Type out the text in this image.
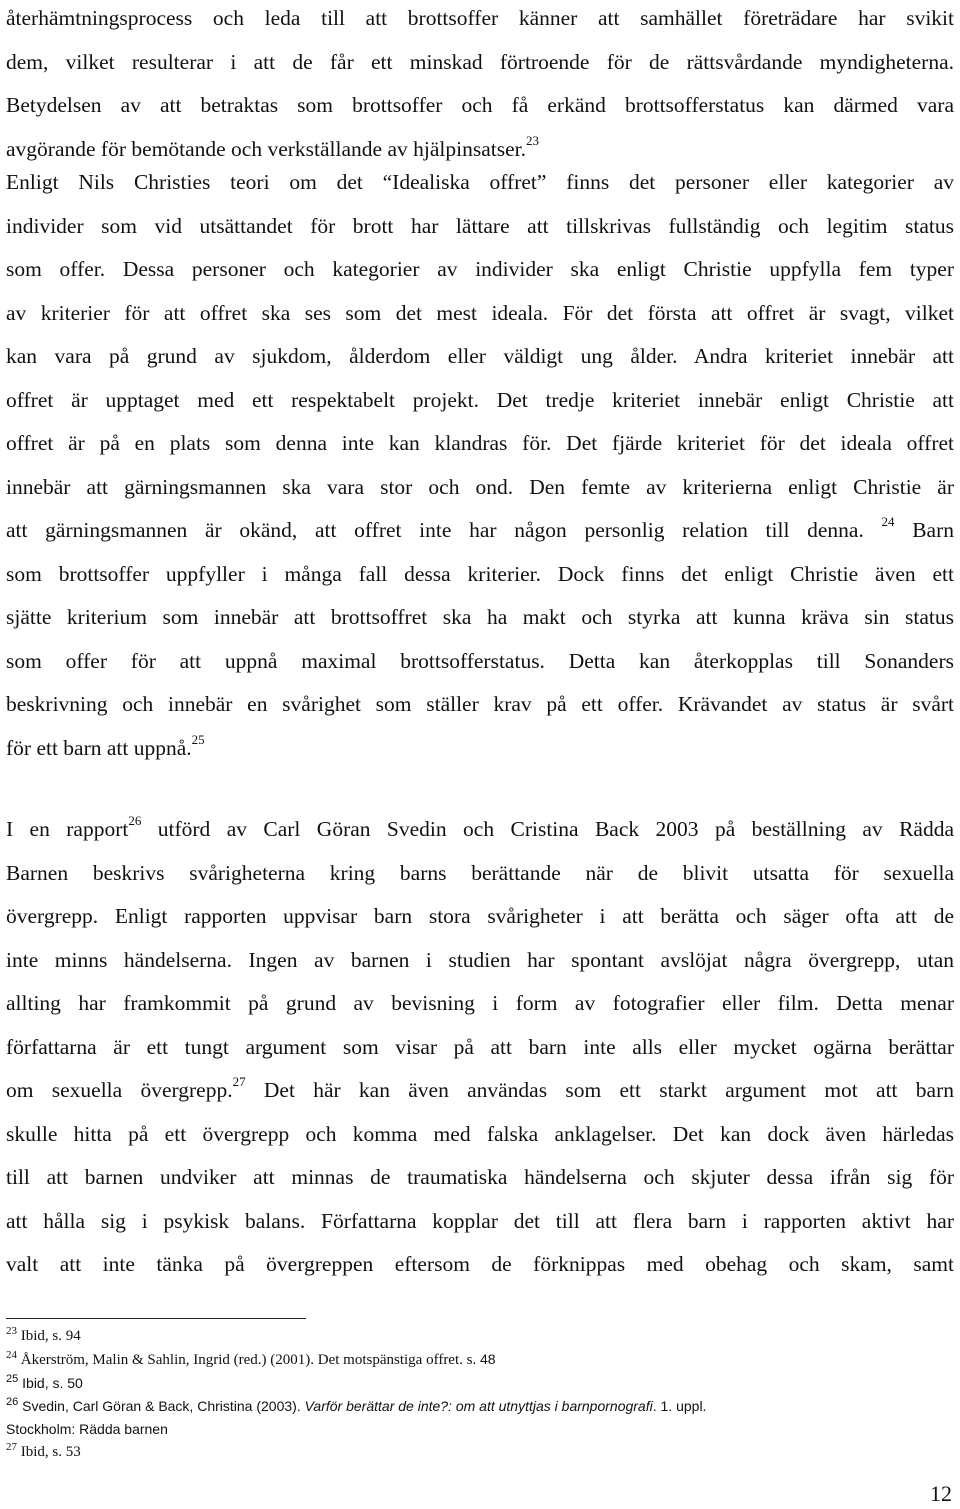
återhämtningsprocess och leda till att brottsoffer känner att samhället företrädare har svikit
dem, vilket resulterar i att de får ett minskad förtroende för de rättsvårdande myndigheterna.
Betydelsen av att betraktas som brottsoffer och få erkänd brottsofferstatus kan därmed vara
avgörande för bemötande och verkställande av hjälpinsatser.$^{23}$

Enligt Nils Christies teori om det “Idealiska offret” finns det personer eller kategorier av
individer som vid utsättandet för brott har lättare att tillskrivas fullständig och legitim status
som offer. Dessa personer och kategorier av individer ska enligt Christie uppfylla fem typer
av kriterier för att offret ska ses som det mest ideala. För det första att offret är svagt, vilket
kan vara på grund av sjukdom, ålderdom eller väldigt ung ålder. Andra kriteriet innebär att
offret är upptaget med ett respektabelt projekt. Det tredje kriteriet innebär enligt Christie att
offret är på en plats som denna inte kan klandras för. Det fjärde kriteriet för det ideala offret
innebär att gärningsmannen ska vara stor och ond. Den femte av kriterierna enligt Christie är
att gärningsmannen är okänd, att offret inte har någon personlig relation till denna. $^{24}$ Barn
som brottsoffer uppfyller i många fall dessa kriterier. Dock finns det enligt Christie även ett
sjätte kriterium som innebär att brottsoffret ska ha makt och styrka att kunna kräva sin status
som offer för att uppnå maximal brottsofferstatus. Detta kan återkopplas till Sonanders
beskrivning och innebär en svårighet som ställer krav på ett offer. Krävandet av status är svårt
för ett barn att uppnå.$^{25}$

I en rapport$^{26}$ utförd av Carl Göran Svedin och Cristina Back 2003 på beställning av Rädda
Barnen beskrivs svårigheterna kring barns berättande när de blivit utsatta för sexuella
övergrepp. Enligt rapporten uppvisar barn stora svårigheter i att berätta och säger ofta att de
inte minns händelserna. Ingen av barnen i studien har spontant avslöjat några övergrepp, utan
allting har framkommit på grund av bevisning i form av fotografier eller film. Detta menar
författarna är ett tungt argument som visar på att barn inte alls eller mycket ogärna berättar
om sexuella övergrepp.$^{27}$ Det här kan även användas som ett starkt argument mot att barn
skulle hitta på ett övergrepp och komma med falska anklagelser. Det kan dock även härledas
till att barnen undviker att minnas de traumatiska händelserna och skjuter dessa ifrån sig för
att hålla sig i psykisk balans. Författarna kopplar det till att flera barn i rapporten aktivt har
valt att inte tänka på övergreppen eftersom de förknippas med obehag och skam, samt

$^{23}$ Ibid, s. 94
$^{24}$ Åkerström, Malin & Sahlin, Ingrid (red.) (2001). Det motspänstiga offret. s. 48
$^{25}$ Ibid, s. 50
$^{26}$ Svedin, Carl Göran & Back, Christina (2003). Varför berättar de inte?: om att utnyttjas i barnpornografi. 1. uppl.
Stockholm: Rädda barnen
$^{27}$ Ibid, s. 53
12
